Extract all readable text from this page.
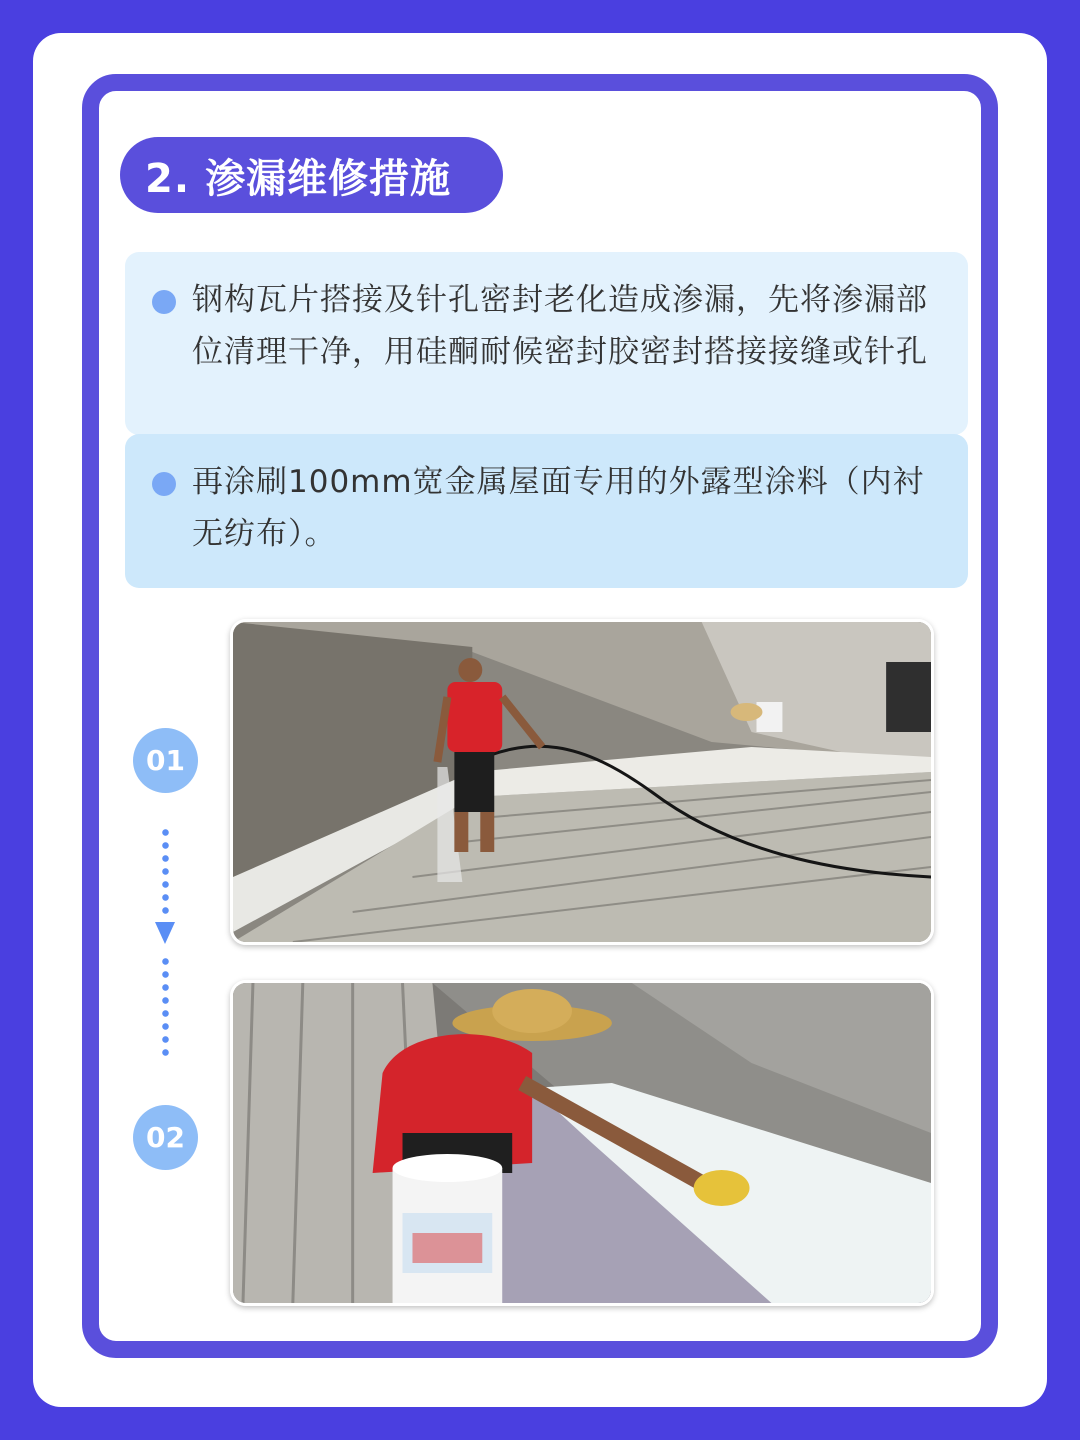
2. 渗漏维修措施
钢构瓦片搭接及针孔密封老化造成渗漏，先将渗漏部位清理干净，用硅酮耐候密封胶密封搭接接缝或针孔
再涂刷100mm宽金属屋面专用的外露型涂料（内衬无纺布）。
01
02
